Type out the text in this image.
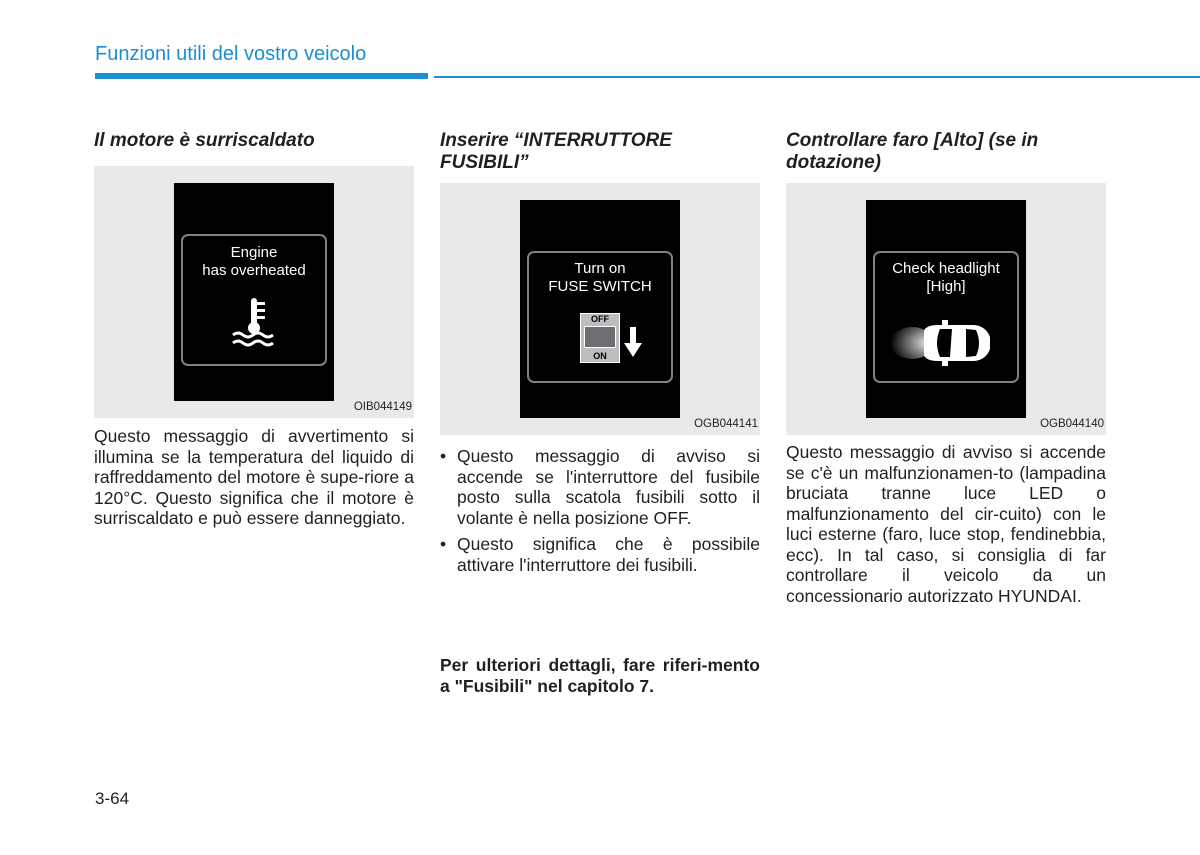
Funzioni utili del vostro veicolo
Il motore è surriscaldato
Engine
has overheated
OIB044149
Questo messaggio di avvertimento si illumina se la temperatura del liquido di raffreddamento del motore è supe-riore a 120°C. Questo significa che il motore è surriscaldato e può essere danneggiato.
Inserire “INTERRUTTORE FUSIBILI”
Turn on
FUSE SWITCH
OFF
ON
OGB044141
• Questo messaggio di avviso si accende se l'interruttore del fusibile posto sulla scatola fusibili sotto il volante è nella posizione OFF.
• Questo significa che è possibile attivare l'interruttore dei fusibili.
Per ulteriori dettagli, fare riferi-mento a "Fusibili" nel capitolo 7.
Controllare faro [Alto] (se in dotazione)
Check headlight
[High]
OGB044140
Questo messaggio di avviso si accende se c'è un malfunzionamen-to (lampadina bruciata tranne luce LED o malfunzionamento del cir-cuito) con le luci esterne (faro, luce stop, fendinebbia, ecc). In tal caso, si consiglia di far controllare il veicolo da un concessionario autorizzato HYUNDAI.
3-64
